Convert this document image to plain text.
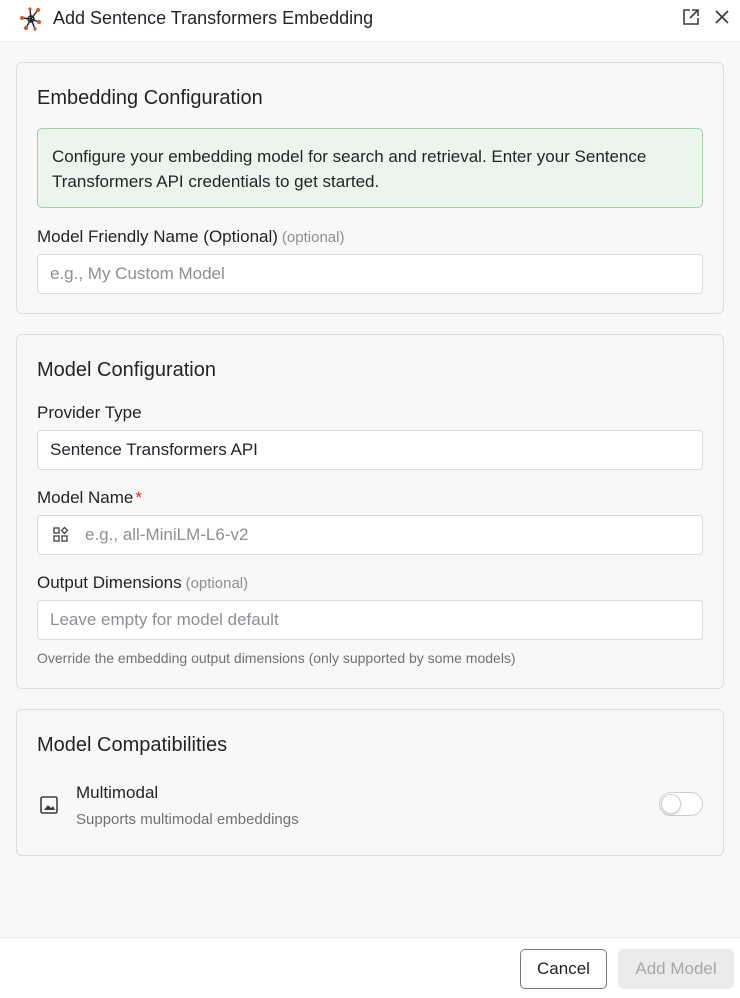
Add Sentence Transformers Embedding
Embedding Configuration
Configure your embedding model for search and retrieval. Enter your Sentence Transformers API credentials to get started.
Model Friendly Name (Optional) (optional)
e.g., My Custom Model
Model Configuration
Provider Type
Sentence Transformers API
Model Name *
e.g., all-MiniLM-L6-v2
Output Dimensions (optional)
Leave empty for model default
Override the embedding output dimensions (only supported by some models)
Model Compatibilities
Multimodal
Supports multimodal embeddings
Cancel	Add Model
